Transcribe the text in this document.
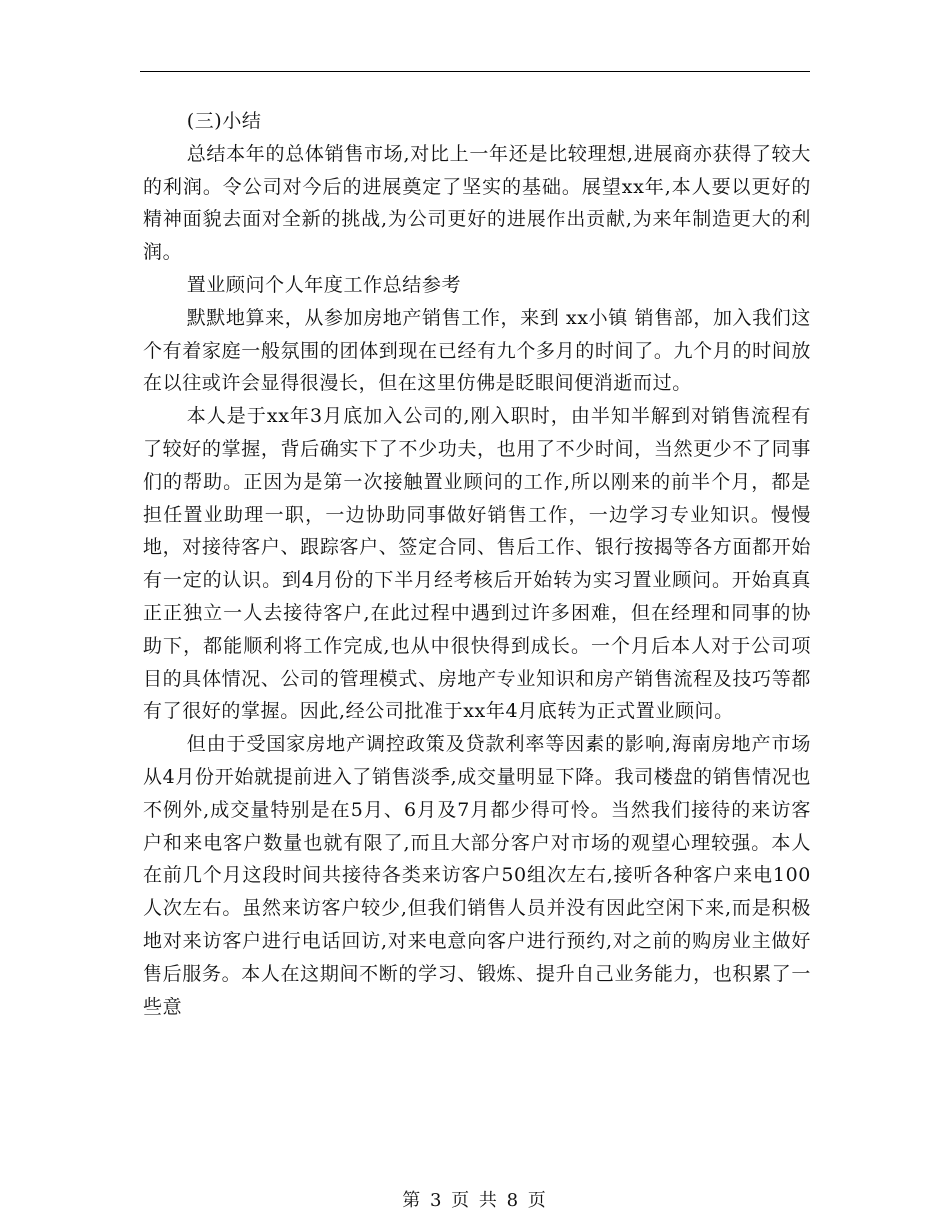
(三)小结

总结本年的总体销售市场,对比上一年还是比较理想,进展商亦获得了较大的利润。令公司对今后的进展奠定了坚实的基础。展望xx年,本人要以更好的精神面貌去面对全新的挑战,为公司更好的进展作出贡献,为来年制造更大的利润。

置业顾问个人年度工作总结参考

默默地算来，从参加房地产销售工作，来到 xx小镇 销售部，加入我们这个有着家庭一般氛围的团体到现在已经有九个多月的时间了。九个月的时间放在以往或许会显得很漫长，但在这里仿佛是眨眼间便消逝而过。

本人是于xx年3月底加入公司的,刚入职时，由半知半解到对销售流程有了较好的掌握，背后确实下了不少功夫，也用了不少时间，当然更少不了同事们的帮助。正因为是第一次接触置业顾问的工作,所以刚来的前半个月，都是担任置业助理一职，一边协助同事做好销售工作，一边学习专业知识。慢慢地，对接待客户、跟踪客户、签定合同、售后工作、银行按揭等各方面都开始有一定的认识。到4月份的下半月经考核后开始转为实习置业顾问。开始真真正正独立一人去接待客户,在此过程中遇到过许多困难，但在经理和同事的协助下，都能顺利将工作完成,也从中很快得到成长。一个月后本人对于公司项目的具体情况、公司的管理模式、房地产专业知识和房产销售流程及技巧等都有了很好的掌握。因此,经公司批准于xx年4月底转为正式置业顾问。

但由于受国家房地产调控政策及贷款利率等因素的影响,海南房地产市场从4月份开始就提前进入了销售淡季,成交量明显下降。我司楼盘的销售情况也不例外,成交量特别是在5月、6月及7月都少得可怜。当然我们接待的来访客户和来电客户数量也就有限了,而且大部分客户对市场的观望心理较强。本人在前几个月这段时间共接待各类来访客户50组次左右,接听各种客户来电100人次左右。虽然来访客户较少,但我们销售人员并没有因此空闲下来,而是积极地对来访客户进行电话回访,对来电意向客户进行预约,对之前的购房业主做好售后服务。本人在这期间不断的学习、锻炼、提升自己业务能力，也积累了一些意

第 3 页 共 8 页
